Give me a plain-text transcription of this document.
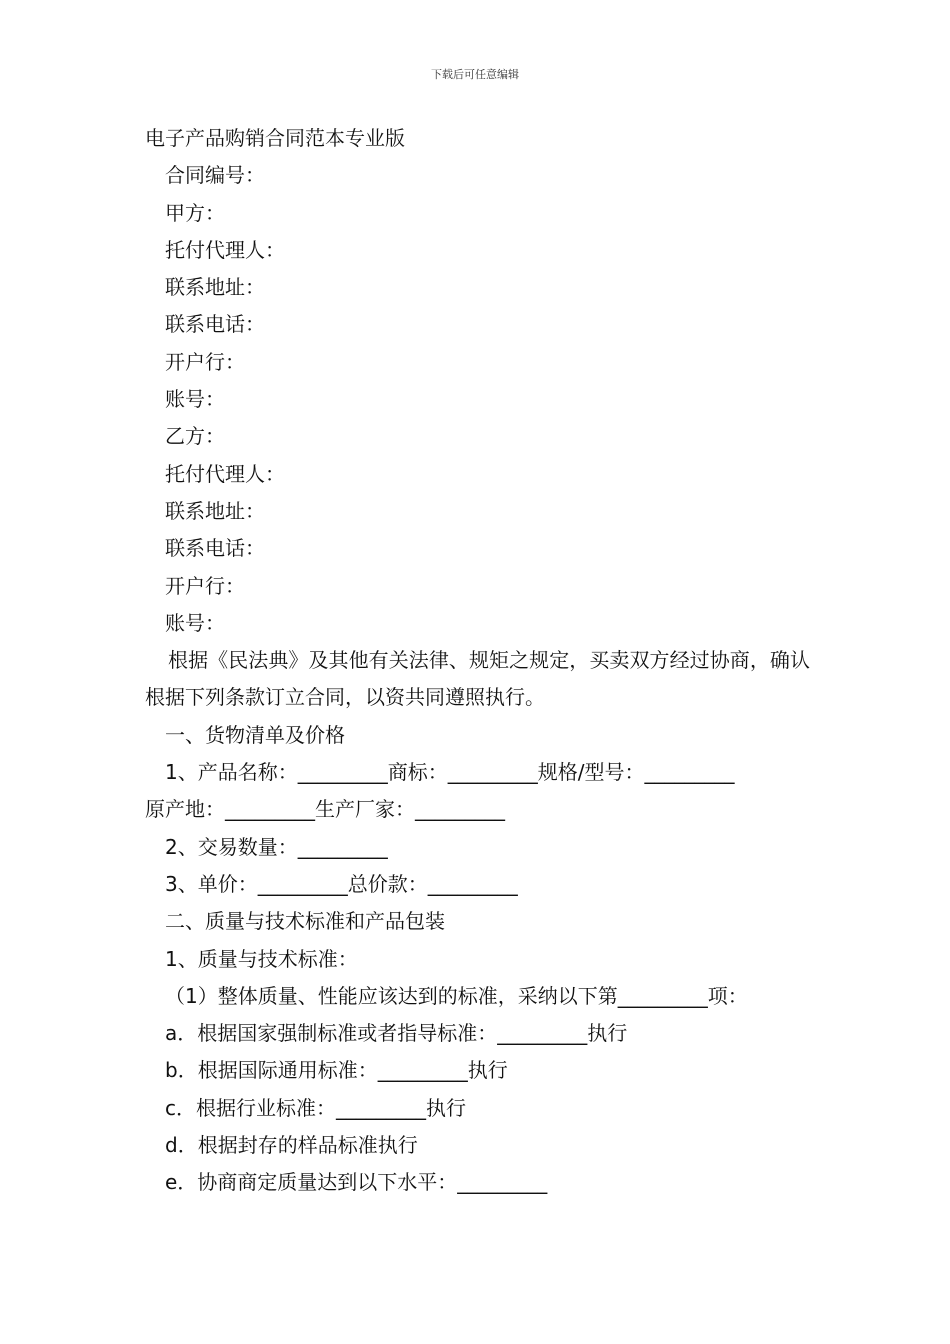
下载后可任意编辑
电子产品购销合同范本专业版
合同编号：
甲方：
托付代理人：
联系地址：
联系电话：
开户行：
账号：
乙方：
托付代理人：
联系地址：
联系电话：
开户行：
账号：
根据《民法典》及其他有关法律、规矩之规定，买卖双方经过协商，确认根据下列条款订立合同，以资共同遵照执行。
一、货物清单及价格
1、产品名称：_________商标：_________规格/型号：_________
原产地：_________生产厂家：_________
2、交易数量：_________
3、单价：_________总价款：_________
二、质量与技术标准和产品包装
1、质量与技术标准：
（1）整体质量、性能应该达到的标准，采纳以下第_________项：
a．根据国家强制标准或者指导标准：_________执行
b．根据国际通用标准：_________执行
c．根据行业标准：_________执行
d．根据封存的样品标准执行
e．协商商定质量达到以下水平：_________
